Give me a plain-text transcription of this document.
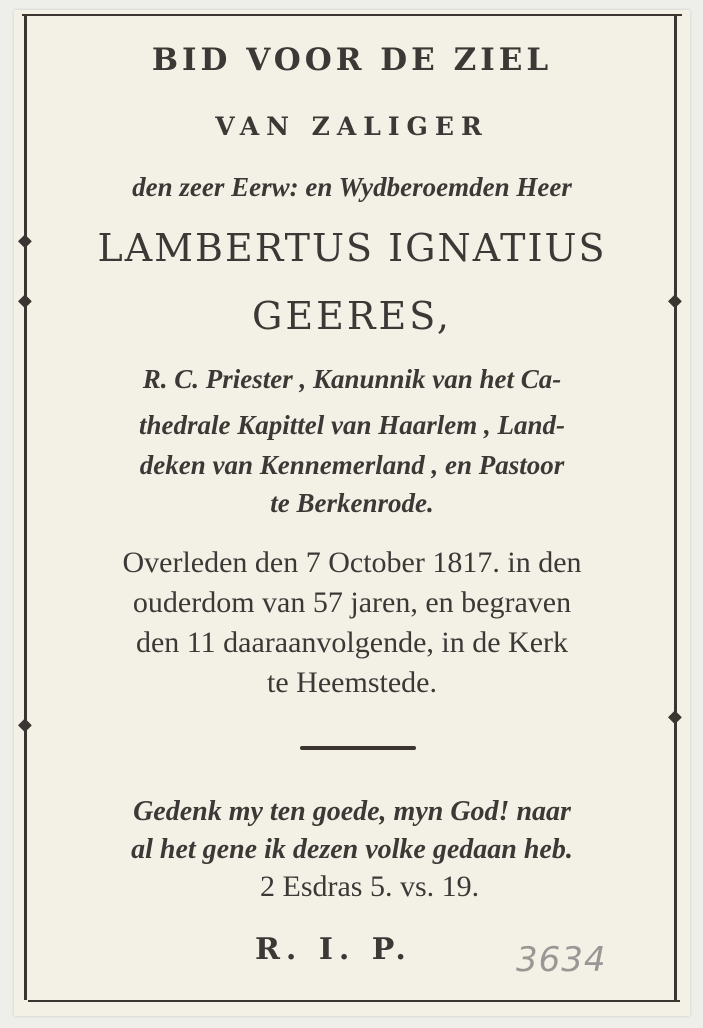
◆
◆	◆
◆	◆

BID VOOR DE ZIEL

VAN ZALIGER

den zeer Eerw: en Wydberoemden Heer

LAMBERTUS IGNATIUS

GEERES,

R. C. Priester , Kanunnik van het Ca-

thedrale Kapittel van Haarlem , Land-

deken van Kennemerland , en Pastoor

te Berkenrode.

Overleden den 7 October 1817. in den

ouderdom van 57 jaren, en begraven

den 11 daaraanvolgende, in de Kerk

te Heemstede.

Gedenk my ten goede, myn God! naar

al het gene ik dezen volke gedaan heb.

2 Esdras 5. vs. 19.

R. I. P.	3634
